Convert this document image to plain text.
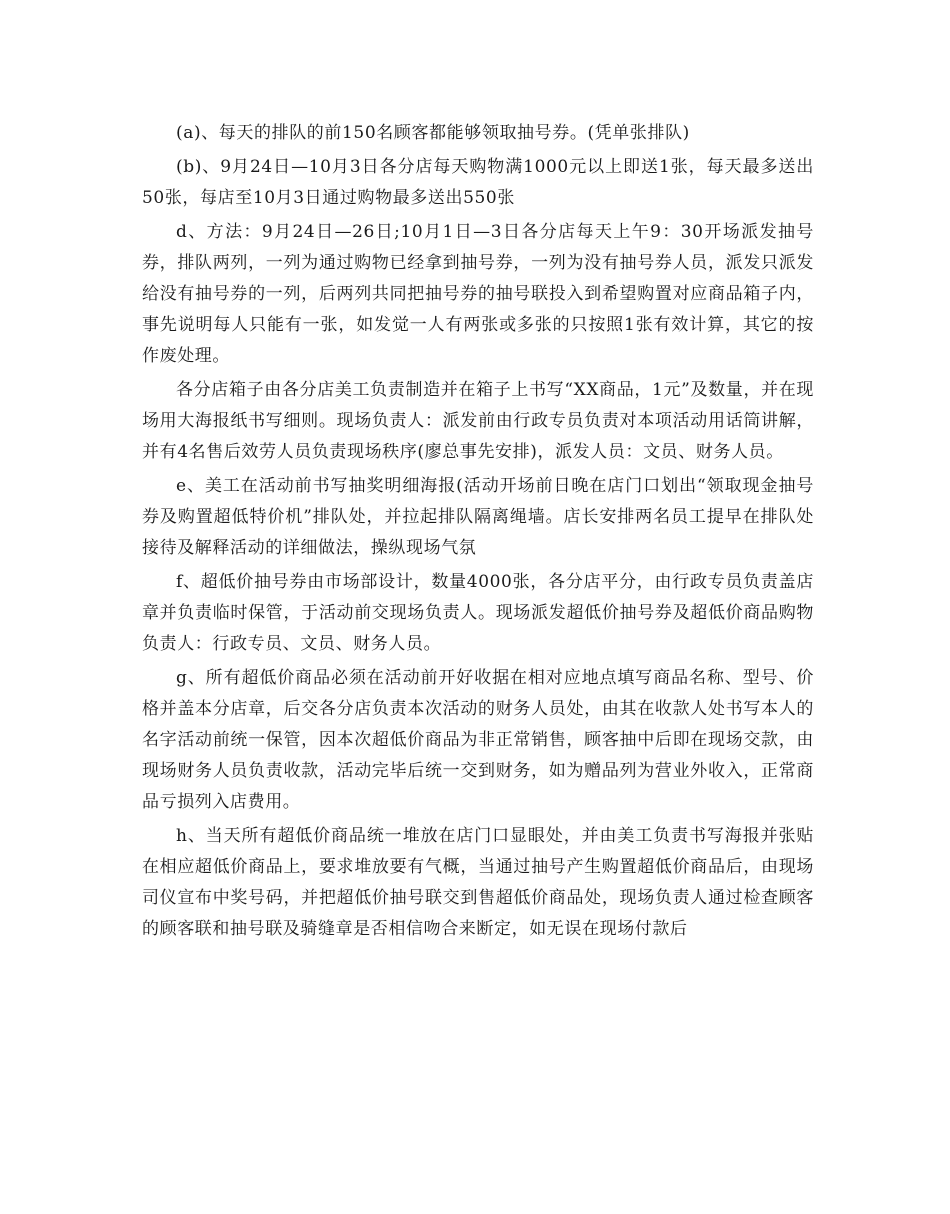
(a)、每天的排队的前150名顾客都能够领取抽号券。(凭单张排队)

(b)、9月24日—10月3日各分店每天购物满1000元以上即送1张，每天最多送出50张，每店至10月3日通过购物最多送出550张

d、方法：9月24日—26日;10月1日—3日各分店每天上午9：30开场派发抽号券，排队两列，一列为通过购物已经拿到抽号券，一列为没有抽号券人员，派发只派发给没有抽号券的一列，后两列共同把抽号券的抽号联投入到希望购置对应商品箱子内，事先说明每人只能有一张，如发觉一人有两张或多张的只按照1张有效计算，其它的按作废处理。

各分店箱子由各分店美工负责制造并在箱子上书写“XX商品，1元”及数量，并在现场用大海报纸书写细则。现场负责人：派发前由行政专员负责对本项活动用话筒讲解，并有4名售后效劳人员负责现场秩序(廖总事先安排)，派发人员：文员、财务人员。

e、美工在活动前书写抽奖明细海报(活动开场前日晚在店门口划出“领取现金抽号券及购置超低特价机”排队处，并拉起排队隔离绳墙。店长安排两名员工提早在排队处接待及解释活动的详细做法，操纵现场气氛

f、超低价抽号券由市场部设计，数量4000张，各分店平分，由行政专员负责盖店章并负责临时保管，于活动前交现场负责人。现场派发超低价抽号券及超低价商品购物负责人：行政专员、文员、财务人员。

g、所有超低价商品必须在活动前开好收据在相对应地点填写商品名称、型号、价格并盖本分店章，后交各分店负责本次活动的财务人员处，由其在收款人处书写本人的名字活动前统一保管，因本次超低价商品为非正常销售，顾客抽中后即在现场交款，由现场财务人员负责收款，活动完毕后统一交到财务，如为赠品列为营业外收入，正常商品亏损列入店费用。

h、当天所有超低价商品统一堆放在店门口显眼处，并由美工负责书写海报并张贴在相应超低价商品上，要求堆放要有气概，当通过抽号产生购置超低价商品后，由现场司仪宣布中奖号码，并把超低价抽号联交到售超低价商品处，现场负责人通过检查顾客的顾客联和抽号联及骑缝章是否相信吻合来断定，如无误在现场付款后
